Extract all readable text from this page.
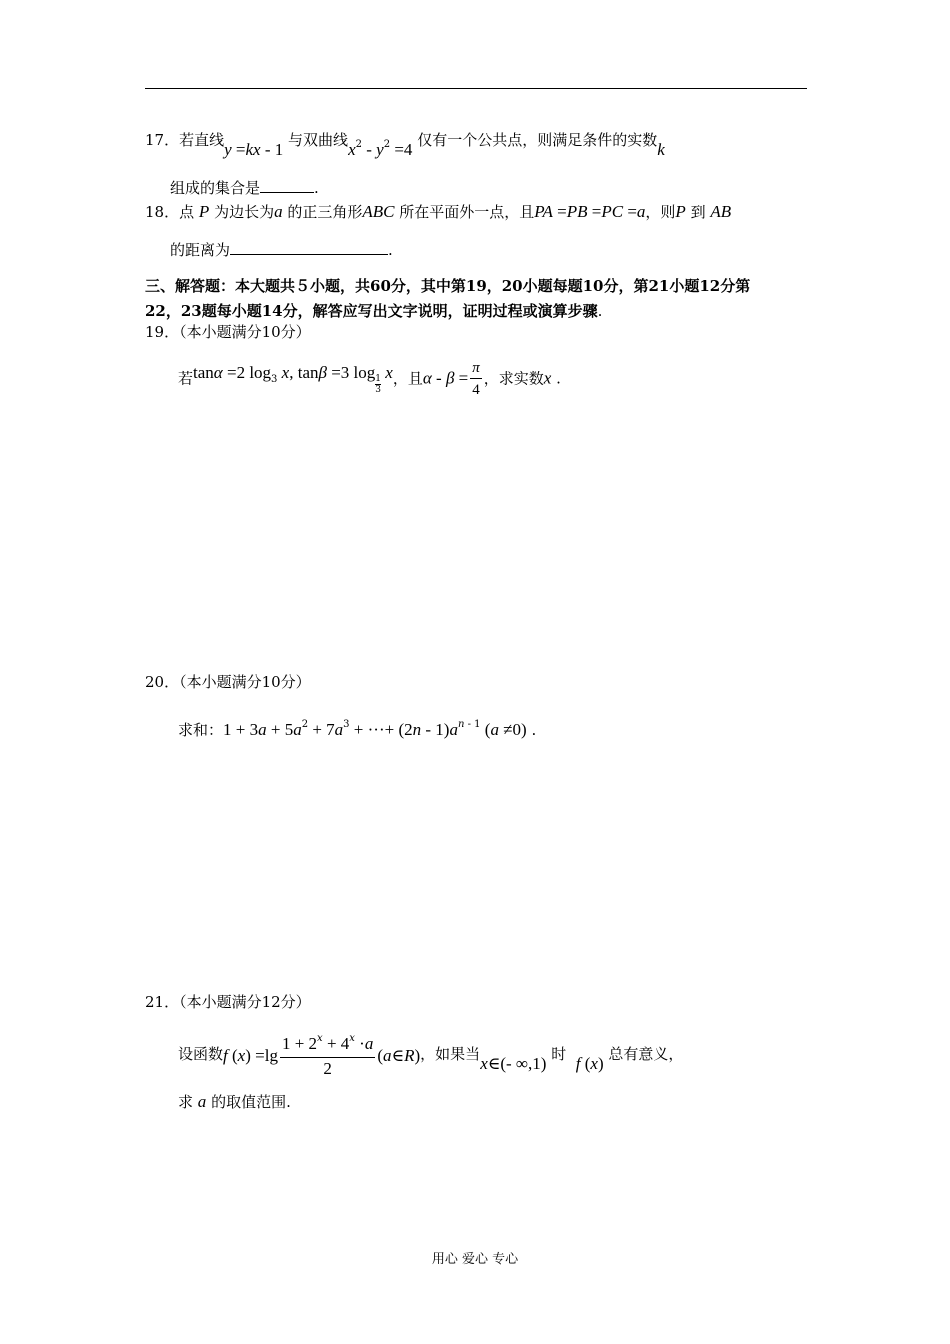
17．若直线y =kx - 1 与双曲线$x^2 - y^2 =4$ 仅有一个公共点，则满足条件的实数k
组成的集合是	.
18．点 P 为边长为a 的正三角形ABC 所在平面外一点，且PA =PB =PC =a，则P 到 AB
的距离为	.
三、解答题：本大题共５小题，共60分，其中第19，20小题每题10分，第21小题12分第
22，23题每小题14分，解答应写出文字说明，证明过程或演算步骤.
19．（本小题满分10分）
若tanα =2 $\log_3 x$, tanβ =3 log
$\frac{1}{3}$
x，且$\alpha - \beta = \frac{\pi}{4}$ ，求实数x .
20．（本小题满分10分）
求和：$1 + 3a + 5a^2 + 7a^3$ + ···+ $(2n - 1)a^{n - 1}$ (a ≠0) .
21．（本小题满分12分）
设函数f $(x) =\lg \frac{1 + 2^x + 4^x \cdot a}{2}$ (a∈R)，如果当x∈(- ∞,1) 时 f (x) 总有意义，
求 a 的取值范围.
用心 爱心 专心
